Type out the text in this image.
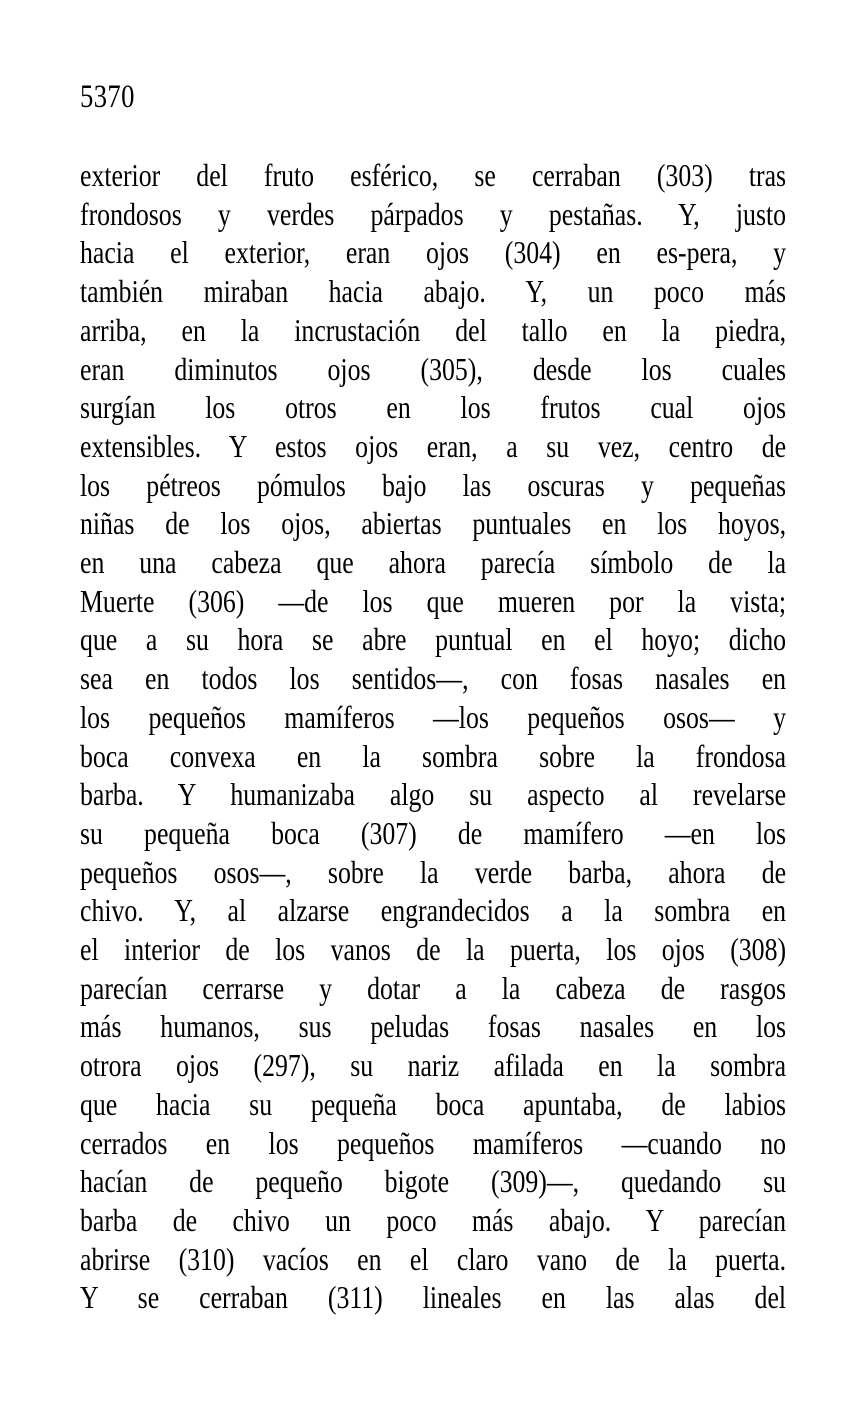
5370
exterior del fruto esférico, se cerraban (303) tras
frondosos y verdes párpados y pestañas. Y, justo
hacia el exterior, eran ojos (304) en es-pera, y
también miraban hacia abajo. Y, un poco más
arriba, en la incrustación del tallo en la piedra,
eran diminutos ojos (305), desde los cuales
surgían los otros en los frutos cual ojos
extensibles. Y estos ojos eran, a su vez, centro de
los pétreos pómulos bajo las oscuras y pequeñas
niñas de los ojos, abiertas puntuales en los hoyos,
en una cabeza que ahora parecía símbolo de la
Muerte (306) —de los que mueren por la vista;
que a su hora se abre puntual en el hoyo; dicho
sea en todos los sentidos—, con fosas nasales en
los pequeños mamíferos —los pequeños osos— y
boca convexa en la sombra sobre la frondosa
barba. Y humanizaba algo su aspecto al revelarse
su pequeña boca (307) de mamífero —en los
pequeños osos—, sobre la verde barba, ahora de
chivo. Y, al alzarse engrandecidos a la sombra en
el interior de los vanos de la puerta, los ojos (308)
parecían cerrarse y dotar a la cabeza de rasgos
más humanos, sus peludas fosas nasales en los
otrora ojos (297), su nariz afilada en la sombra
que hacia su pequeña boca apuntaba, de labios
cerrados en los pequeños mamíferos —cuando no
hacían de pequeño bigote (309)—, quedando su
barba de chivo un poco más abajo. Y parecían
abrirse (310) vacíos en el claro vano de la puerta.
Y se cerraban (311) lineales en las alas del
